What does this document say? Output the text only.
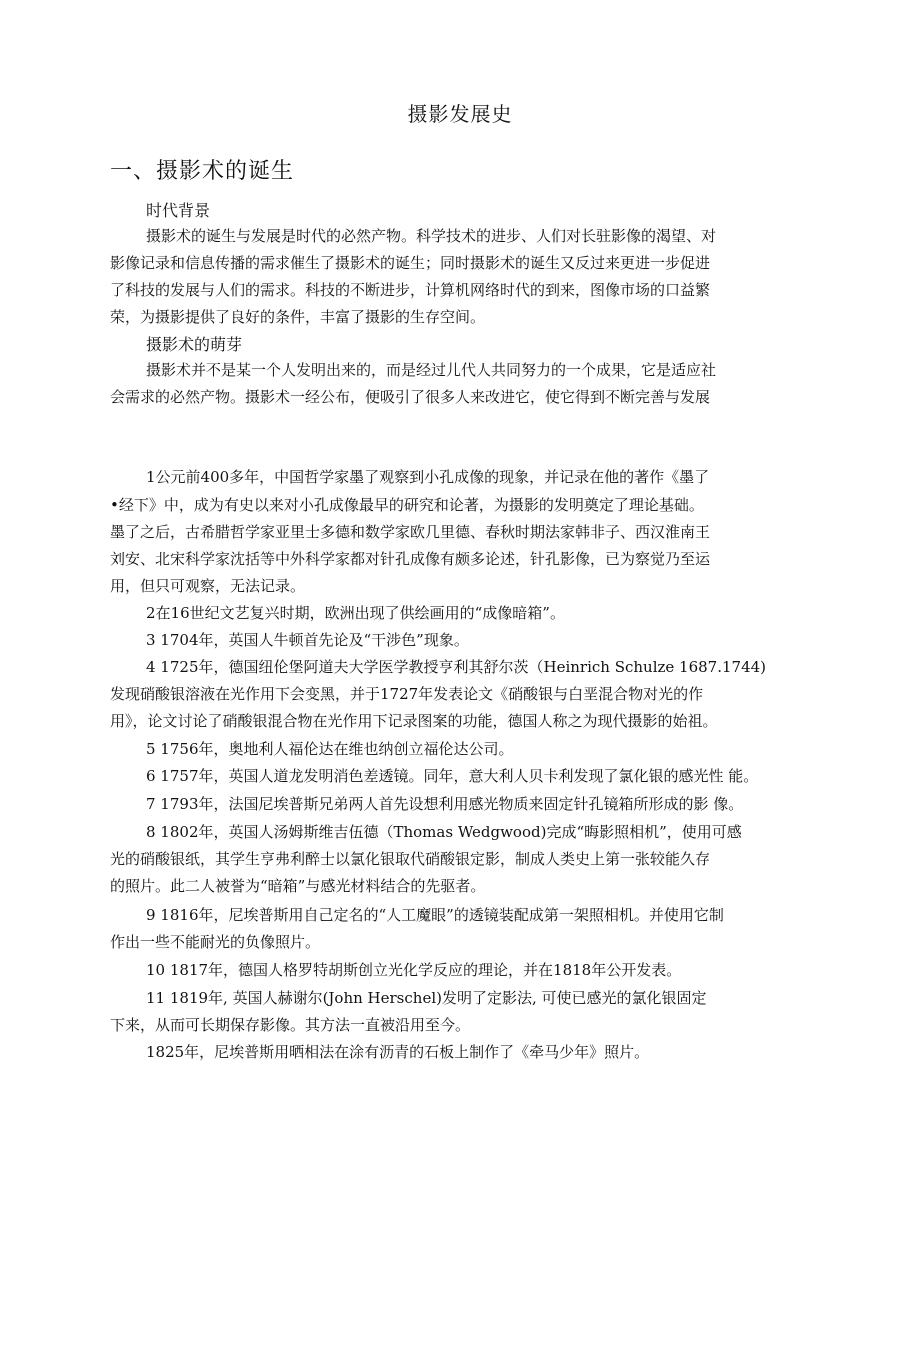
摄影发展史
一、摄影术的诞生
时代背景
摄影术的诞生与发展是时代的必然产物。科学技术的进步、人们对长驻影像的渴望、对
影像记录和信息传播的需求催生了摄影术的诞生；同时摄影术的诞生又反过来更进一步促进
了科技的发展与人们的需求。科技的不断进步，计算机网络时代的到来，图像市场的口益繁
荣，为摄影提供了良好的条件，丰富了摄影的生存空间。
摄影术的萌芽
摄影术并不是某一个人发明出来的，而是经过儿代人共同努力的一个成果，它是适应社
会需求的必然产物。摄影术一经公布，便吸引了很多人来改进它，使它得到不断完善与发展
1公元前400多年，中国哲学家墨了观察到小孔成像的现象，并记录在他的著作《墨了
•经下》中，成为有史以来对小孔成像最早的研究和论著，为摄影的发明奠定了理论基础。
墨了之后，古希腊哲学家亚里士多德和数学家欧几里德、春秋时期法家韩非子、西汉淮南王
刘安、北宋科学家沈括等中外科学家都对针孔成像有颇多论述，针孔影像，已为察觉乃至运
用，但只可观察，无法记录。
2在16世纪文艺复兴时期，欧洲出现了供绘画用的“成像暗箱”。
3 1704年，英国人牛顿首先论及“干涉色”现象。
4 1725年，德国纽伦堡阿道夫大学医学教授亨利其舒尔茨（Heinrich Schulze 1687.1744)
发现硝酸银溶液在光作用下会变黑，并于1727年发表论文《硝酸银与白垩混合物对光的作
用》，论文讨论了硝酸银混合物在光作用下记录图案的功能，德国人称之为现代摄影的始祖。
5 1756年，奥地利人福伦达在维也纳创立福伦达公司。
6 1757年，英国人道龙发明消色差透镜。同年，意大利人贝卡利发现了氯化银的感光性 能。
7 1793年，法国尼埃普斯兄弟两人首先设想利用感光物质来固定针孔镜箱所形成的影 像。
8 1802年，英国人汤姆斯维吉伍德（Thomas Wedgwood)完成“晦影照相机”，使用可感
光的硝酸银纸，其学生亨弗利醉士以氯化银取代硝酸银定影，制成人类史上第一张较能久存
的照片。此二人被誉为“暗箱”与感光材料结合的先驱者。
9 1816年，尼埃普斯用自己定名的“人工魔眼”的透镜装配成第一架照相机。并使用它制
作出一些不能耐光的负像照片。
10 1817年，德国人格罗特胡斯创立光化学反应的理论，并在1818年公开发表。
11 1819年, 英国人赫谢尔(John Herschel)发明了定影法, 可使已感光的氯化银固定
下来，从而可长期保存影像。其方法一直被沿用至今。
1825年，尼埃普斯用晒相法在涂有沥青的石板上制作了《牵马少年》照片。
